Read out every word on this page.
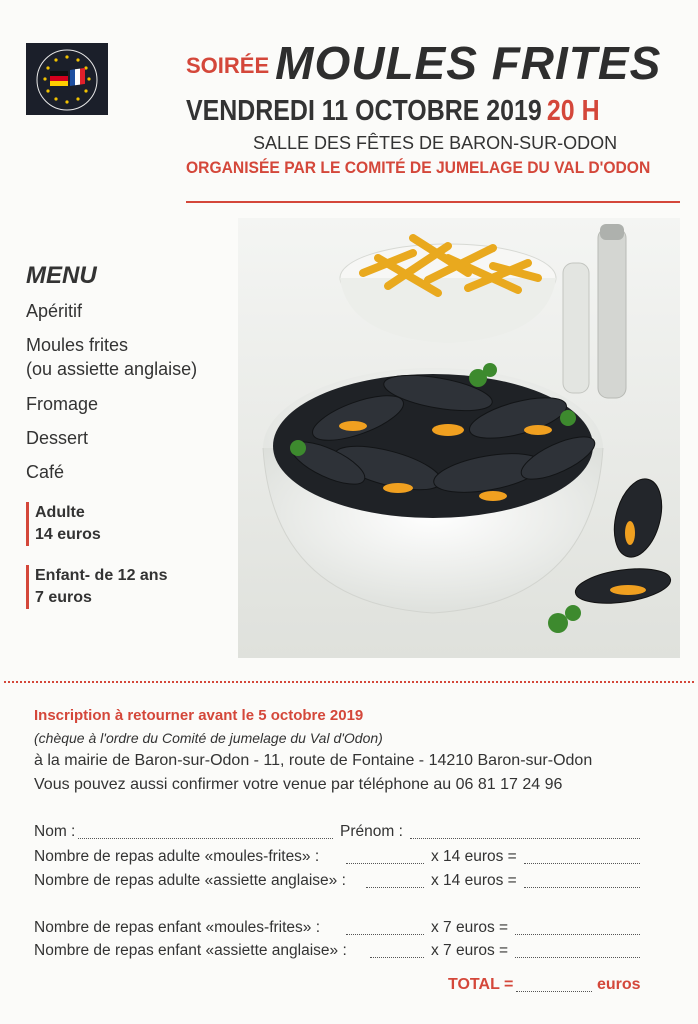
SOIRÉE MOULES FRITES
VENDREDI 11 OCTOBRE 2019 20 H
SALLE DES FÊTES DE BARON-SUR-ODON
ORGANISÉE PAR LE COMITÉ DE JUMELAGE DU VAL D'ODON
MENU
Apéritif
Moules frites
(ou assiette anglaise)
Fromage
Dessert
Café
Adulte
14 euros
Enfant- de 12 ans
7 euros
Inscription à retourner avant le 5 octobre 2019
(chèque à l'ordre du Comité de jumelage du Val d'Odon)
à la mairie de Baron-sur-Odon - 11, route de Fontaine - 14210 Baron-sur-Odon
Vous pouvez aussi confirmer votre venue par téléphone au 06 81 17 24 96
Nom :	Prénom :
Nombre de repas adulte «moules-frites» :	x 14 euros =
Nombre de repas adulte «assiette anglaise» :	x 14 euros =
Nombre de repas enfant «moules-frites» :	x 7 euros =
Nombre de repas enfant «assiette anglaise» :	x 7 euros =
TOTAL =	euros
